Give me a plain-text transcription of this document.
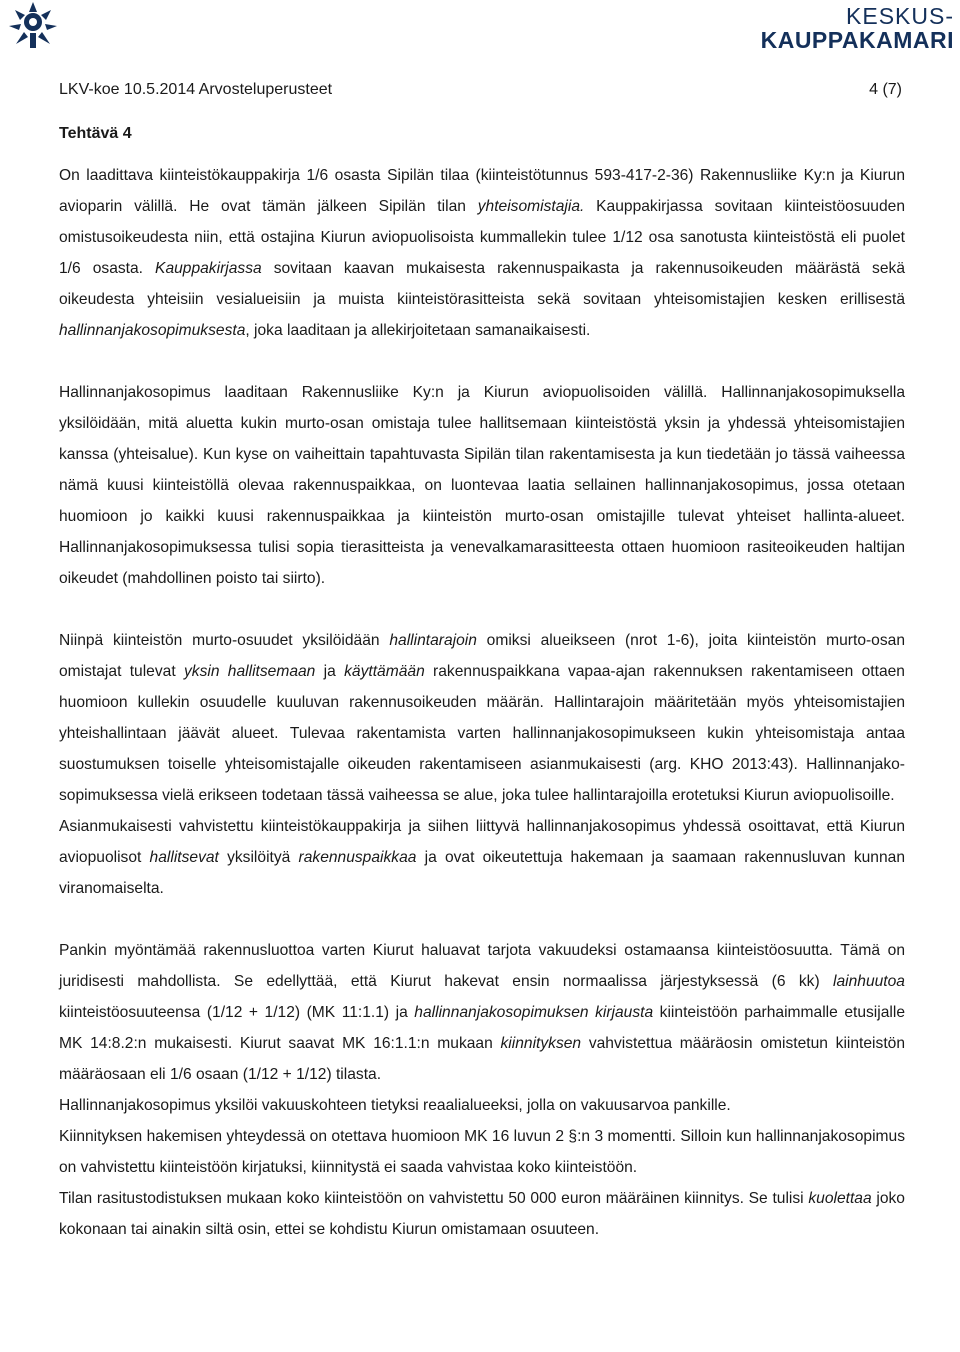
KESKUS-
KAUPPAKAMARI
LKV-koe 10.5.2014 Arvosteluperusteet	4 (7)
Tehtävä 4

On laadittava kiinteistökauppakirja 1/6 osasta Sipilän tilaa (kiinteistötunnus 593-417-2-36) Rakennusliike Ky:n ja Kiurun avioparin välillä. He ovat tämän jälkeen Sipilän tilan yhteisomistajia. Kauppakirjassa sovitaan kiinteistöosuuden omistusoikeudesta niin, että ostajina Kiurun aviopuolisoista kummallekin tulee 1/12 osa sanotusta kiinteistöstä eli puolet 1/6 osasta. Kauppakirjassa sovitaan kaavan mukaisesta rakennuspaikasta ja rakennusoikeuden määrästä sekä oikeudesta yhteisiin vesialueisiin ja muista kiinteistörasitteista sekä sovitaan yhteisomistajien kesken erillisestä hallinnanjakosopimuksesta, joka laaditaan ja allekirjoitetaan samanaikaisesti.

Hallinnanjakosopimus laaditaan Rakennusliike Ky:n ja Kiurun aviopuolisoiden välillä. Hallinnanjakosopimuksella yksilöidään, mitä aluetta kukin murto-osan omistaja tulee hallitsemaan kiinteistöstä yksin ja yhdessä yhteisomistajien kanssa (yhteisalue). Kun kyse on vaiheittain tapahtuvasta Sipilän tilan rakentamisesta ja kun tiedetään jo tässä vaiheessa nämä kuusi kiinteistöllä olevaa rakennuspaikkaa, on luontevaa laatia sellainen hallinnanjakosopimus, jossa otetaan huomioon jo kaikki kuusi rakennuspaikkaa ja kiinteistön murto-osan omistajille tulevat yhteiset hallinta-alueet. Hallinnanjakosopimuksessa tulisi sopia tierasitteista ja venevalkamarasitteesta ottaen huomioon rasiteoikeuden haltijan oikeudet (mahdollinen poisto tai siirto).

Niinpä kiinteistön murto-osuudet yksilöidään hallintarajoin omiksi alueikseen (nrot 1-6), joita kiinteistön murto-osan omistajat tulevat yksin hallitsemaan ja käyttämään rakennuspaikkana vapaa-ajan rakennuksen rakentamiseen ottaen huomioon kullekin osuudelle kuuluvan rakennusoikeuden määrän. Hallintarajoin määritetään myös yhteisomistajien yhteishallintaan jäävät alueet. Tulevaa rakentamista varten hallinnanjakosopimukseen kukin yhteisomistaja antaa suostumuksen toiselle yhteisomistajalle oikeuden rakentamiseen asianmukaisesti (arg. KHO 2013:43). Hallinnanjako-sopimuksessa vielä erikseen todetaan tässä vaiheessa se alue, joka tulee hallintarajoilla erotetuksi Kiurun aviopuolisoille.

Asianmukaisesti vahvistettu kiinteistökauppakirja ja siihen liittyvä hallinnanjakosopimus yhdessä osoittavat, että Kiurun aviopuolisot hallitsevat yksilöityä rakennuspaikkaa ja ovat oikeutettuja hakemaan ja saamaan rakennusluvan kunnan viranomaiselta.

Pankin myöntämää rakennusluottoa varten Kiurut haluavat tarjota vakuudeksi ostamaansa kiinteistöosuutta. Tämä on juridisesti mahdollista. Se edellyttää, että Kiurut hakevat ensin normaalissa järjestyksessä (6 kk) lainhuutoa kiinteistöosuuteensa (1/12 + 1/12) (MK 11:1.1) ja hallinnanjakosopimuksen kirjausta kiinteistöön parhaimmalle etusijalle MK 14:8.2:n mukaisesti. Kiurut saavat MK 16:1.1:n mukaan kiinnityksen vahvistettua määräosin omistetun kiinteistön määräosaan eli 1/6 osaan (1/12 + 1/12) tilasta.

Hallinnanjakosopimus yksilöi vakuuskohteen tietyksi reaalialueeksi, jolla on vakuusarvoa pankille.

Kiinnityksen hakemisen yhteydessä on otettava huomioon MK 16 luvun 2 §:n 3 momentti. Silloin kun hallinnanjakosopimus on vahvistettu kiinteistöön kirjatuksi, kiinnitystä ei saada vahvistaa koko kiinteistöön.

Tilan rasitustodistuksen mukaan koko kiinteistöön on vahvistettu 50 000 euron määräinen kiinnitys. Se tulisi kuolettaa joko kokonaan tai ainakin siltä osin, ettei se kohdistu Kiurun omistamaan osuuteen.
